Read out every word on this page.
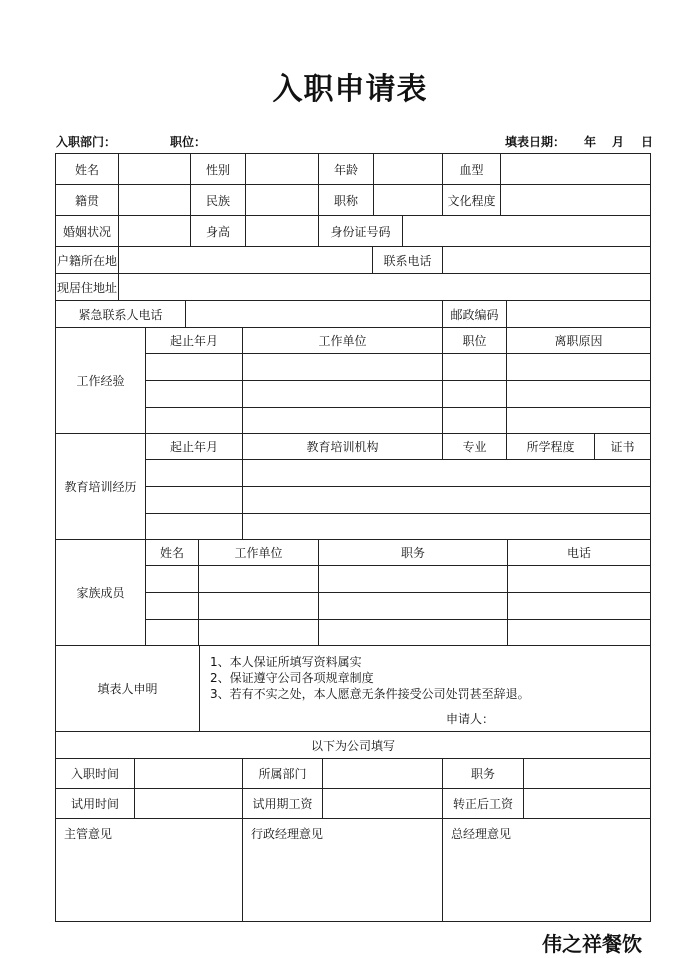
入职申请表
入职部门：	职位：	填表日期： 年 月 日
姓名	性别	年龄	血型
籍贯	民族	职称	文化程度
婚姻状况	身高	身份证号码
户籍所在地	联系电话
现居住地址
紧急联系人电话	邮政编码
工作经验
起止年月	工作单位	职位	离职原因
教育培训经历
起止年月	教育培训机构	专业	所学程度	证书
家族成员
姓名	工作单位	职务	电话
填表人申明
1、本人保证所填写资料属实
2、保证遵守公司各项规章制度
3、若有不实之处，本人愿意无条件接受公司处罚甚至辞退。
申请人：
以下为公司填写
入职时间	所属部门	职务
试用时间	试用期工资	转正后工资
主管意见	行政经理意见	总经理意见
伟之祥餐饮
